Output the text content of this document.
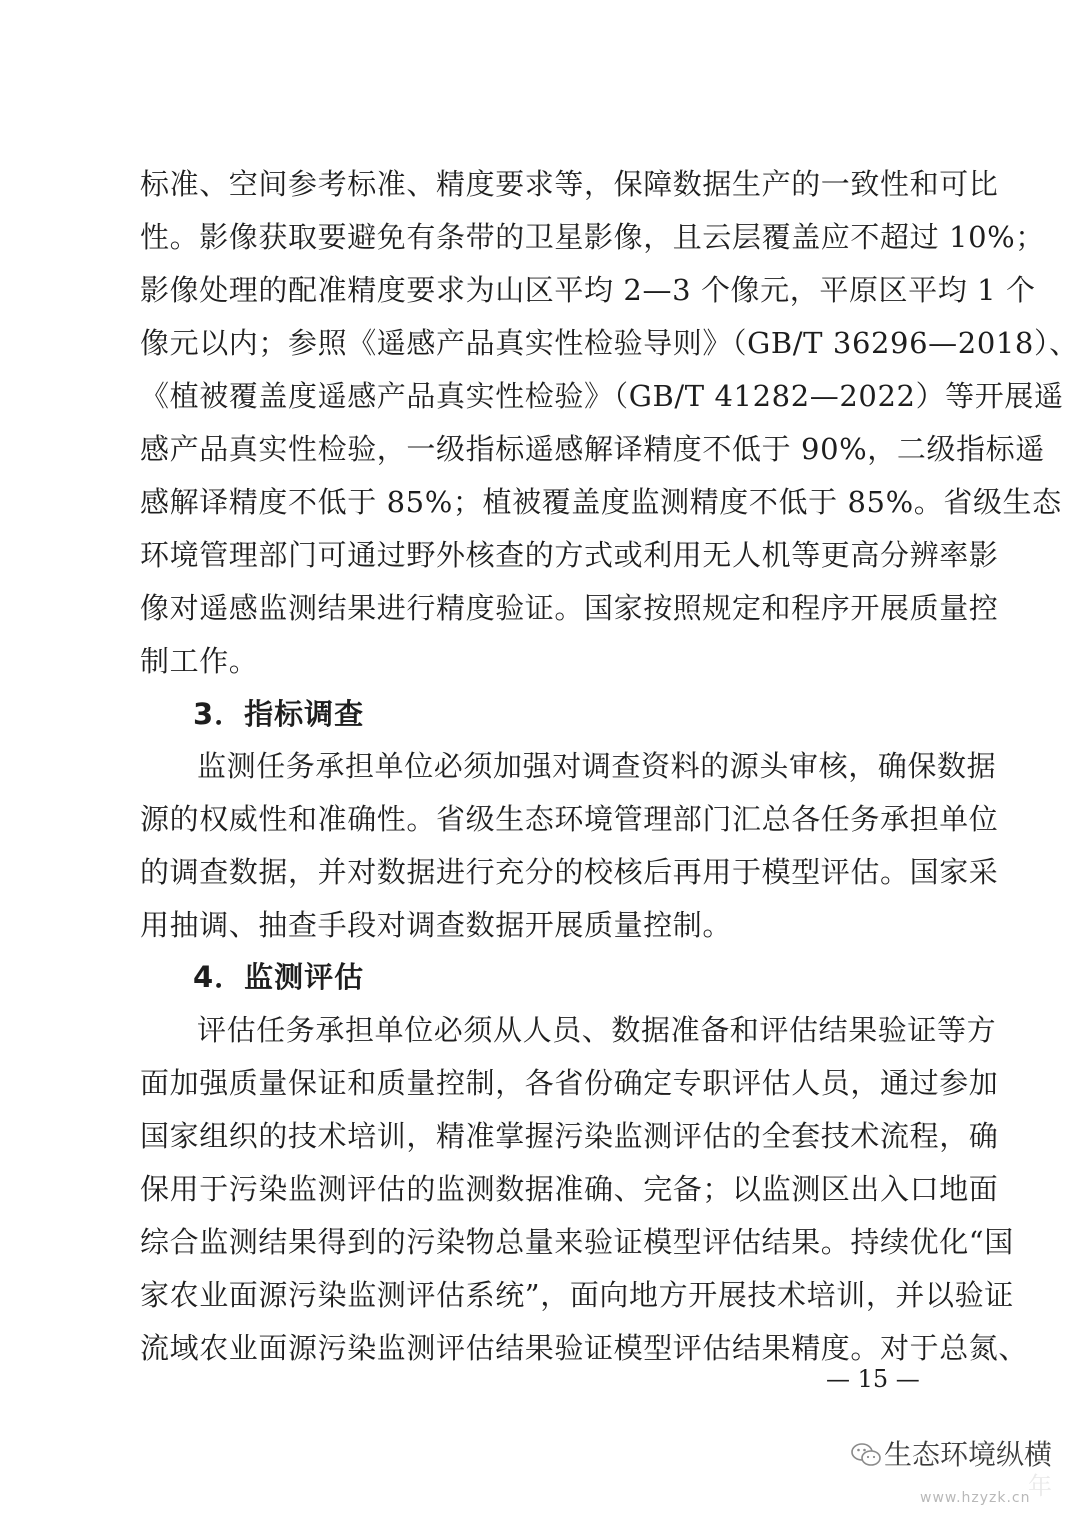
标准、空间参考标准、精度要求等，保障数据生产的一致性和可比
性。影像获取要避免有条带的卫星影像，且云层覆盖应不超过 10%；
影像处理的配准精度要求为山区平均 2—3 个像元，平原区平均 1 个
像元以内；参照《遥感产品真实性检验导则》（GB/T 36296—2018）、
《植被覆盖度遥感产品真实性检验》（GB/T 41282—2022）等开展遥
感产品真实性检验，一级指标遥感解译精度不低于 90%，二级指标遥
感解译精度不低于 85%；植被覆盖度监测精度不低于 85%。省级生态
环境管理部门可通过野外核查的方式或利用无人机等更高分辨率影
像对遥感监测结果进行精度验证。国家按照规定和程序开展质量控
制工作。
3．指标调查
监测任务承担单位必须加强对调查资料的源头审核，确保数据
源的权威性和准确性。省级生态环境管理部门汇总各任务承担单位
的调查数据，并对数据进行充分的校核后再用于模型评估。国家采
用抽调、抽查手段对调查数据开展质量控制。
4．监测评估
评估任务承担单位必须从人员、数据准备和评估结果验证等方
面加强质量保证和质量控制，各省份确定专职评估人员，通过参加
国家组织的技术培训，精准掌握污染监测评估的全套技术流程，确
保用于污染监测评估的监测数据准确、完备；以监测区出入口地面
综合监测结果得到的污染物总量来验证模型评估结果。持续优化“国
家农业面源污染监测评估系统”，面向地方开展技术培训，并以验证
流域农业面源污染监测评估结果验证模型评估结果精度。对于总氮、
— 15 —
生态环境纵横
年
www.hzyzk.cn
